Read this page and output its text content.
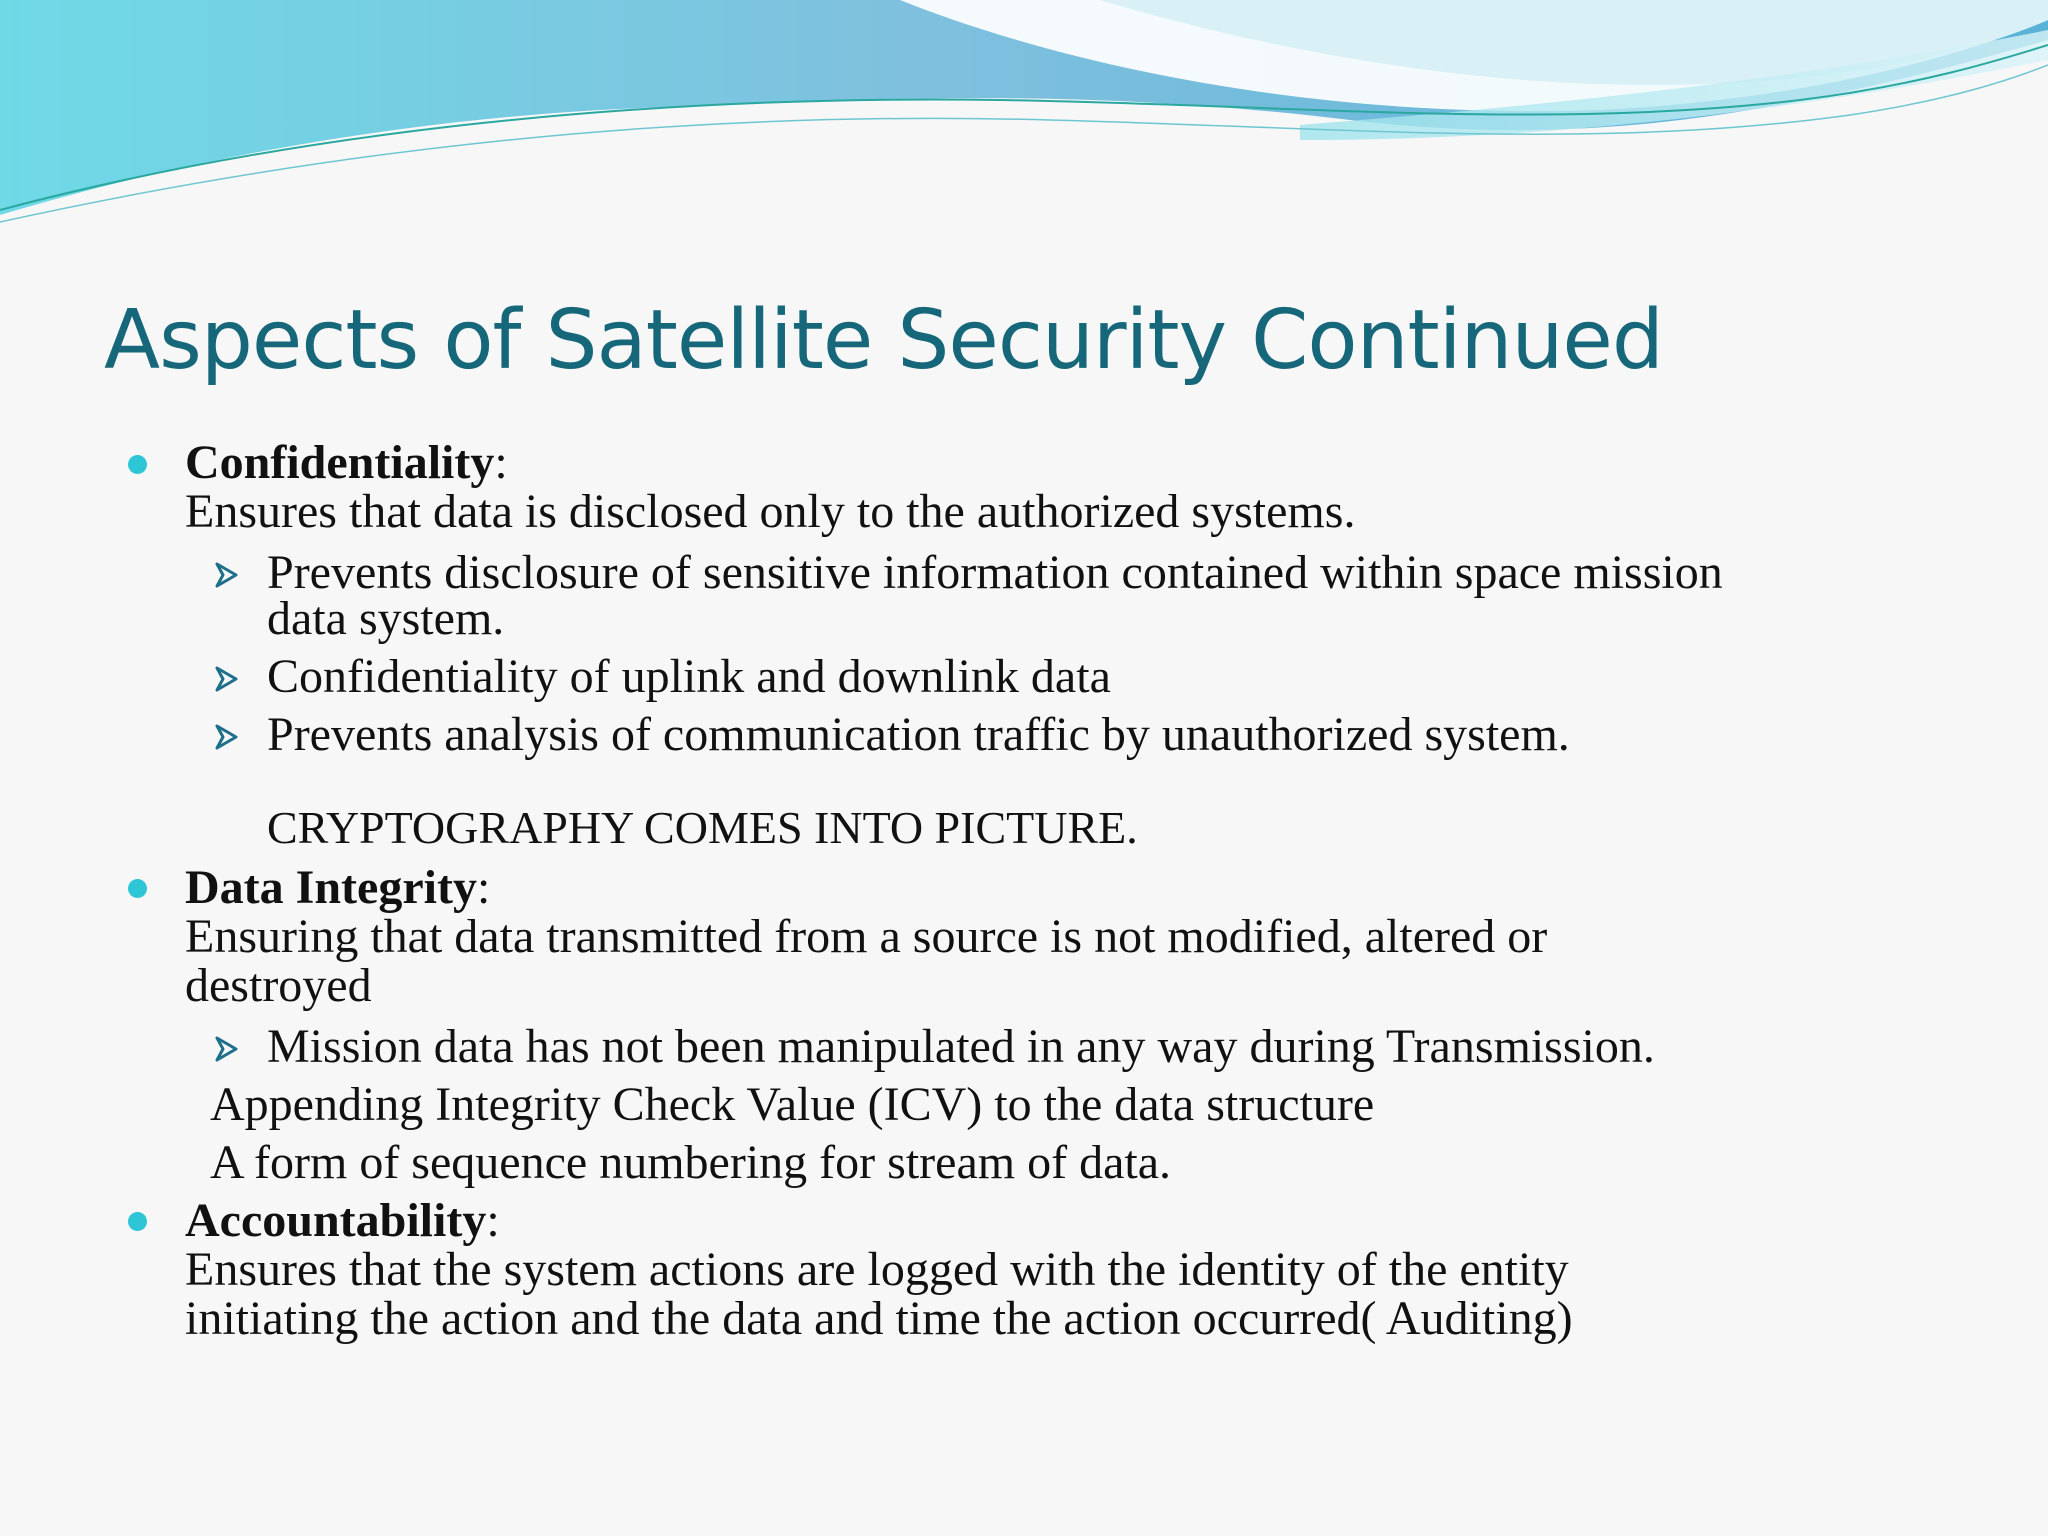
Aspects of Satellite Security Continued
Confidentiality:
Ensures that data is disclosed only to the authorized systems.
Prevents disclosure of sensitive information contained within space mission
data system.
Confidentiality of uplink and downlink data
Prevents analysis of communication traffic by unauthorized system.
CRYPTOGRAPHY COMES INTO PICTURE.
Data Integrity:
Ensuring that data transmitted from a source is not modified, altered or
destroyed
Mission data has not been manipulated in any way during Transmission.
Appending Integrity Check Value (ICV) to the data structure
A form of sequence numbering for stream of data.
Accountability:
Ensures that the system actions are logged with the identity of the entity
initiating the action and the data and time the action occurred( Auditing)
